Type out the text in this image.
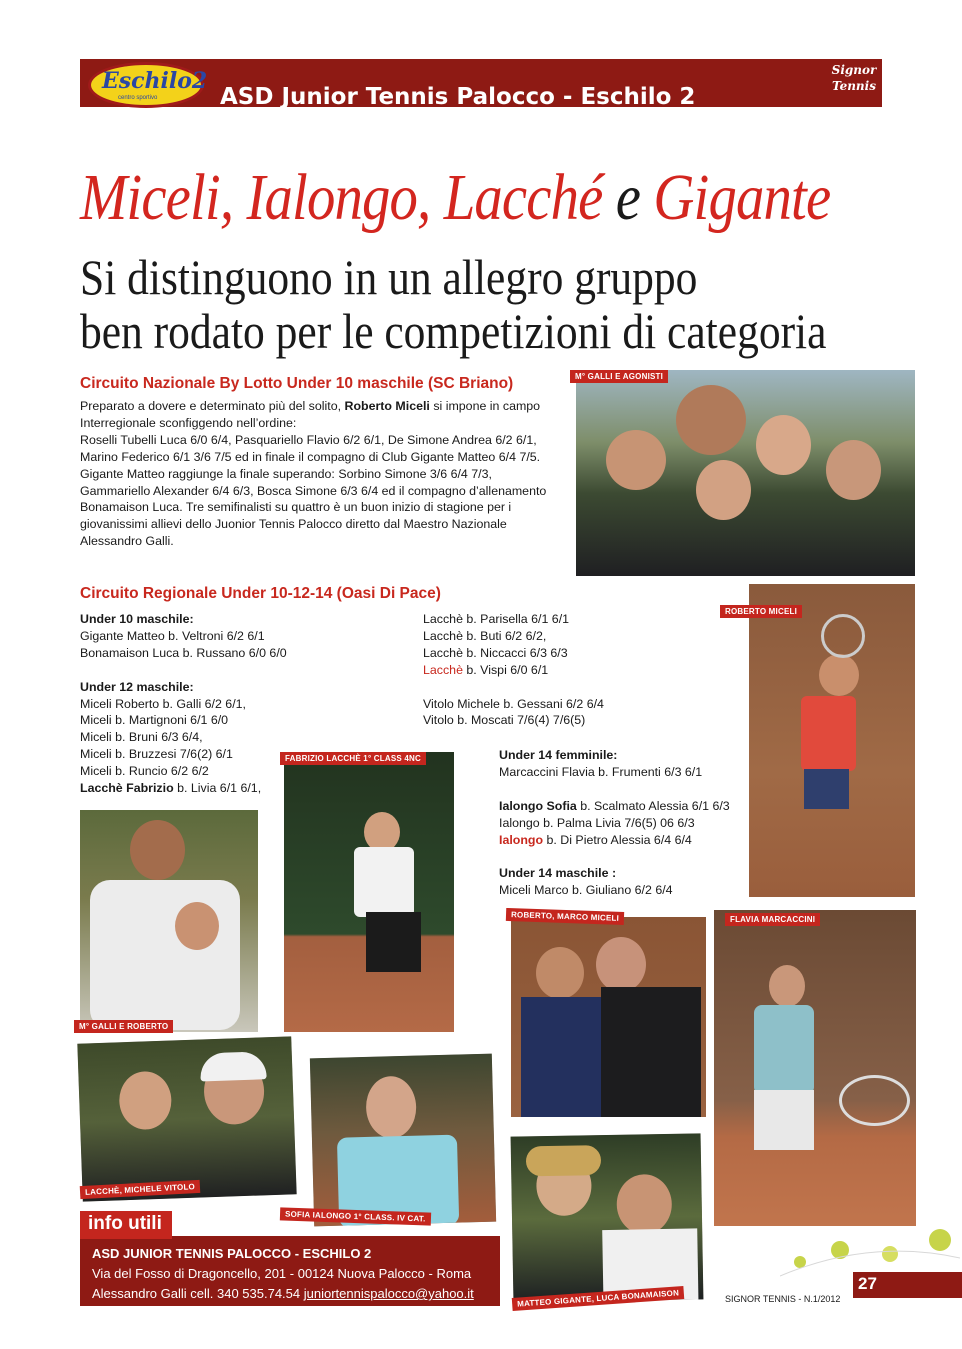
Eschilo2
centro sportivo	ASD Junior Tennis Palocco - Eschilo 2
Signor
Tennis
Miceli, Ialongo, Lacché e Gigante
Si distinguono in un allegro gruppo
ben rodato per le competizioni di categoria
Circuito Nazionale By Lotto Under 10 maschile (SC Briano)
Preparato a dovere e determinato più del solito, Roberto Miceli si impone in campo Interregionale sconfiggendo nell’ordine:
Roselli Tubelli Luca 6/0 6/4, Pasquariello Flavio 6/2 6/1, De Simone Andrea 6/2 6/1, Marino Federico 6/1 3/6 7/5 ed in finale il compagno di Club Gigante Matteo 6/4 7/5.
Gigante Matteo raggiunge la finale superando: Sorbino Simone 3/6 6/4 7/3, Gammariello Alexander 6/4 6/3, Bosca Simone 6/3 6/4 ed il compagno d’allenamento Bonamaison Luca. Tre semifinalisti su quattro è un buon inizio di stagione per i giovanissimi allievi dello Juonior Tennis Palocco diretto dal Maestro Nazionale Alessandro Galli.
Circuito Regionale Under 10-12-14 (Oasi Di Pace)
Under 10 maschile:
Gigante Matteo b. Veltroni 6/2 6/1
Bonamaison Luca b. Russano 6/0 6/0
Under 12 maschile:
Miceli Roberto b. Galli 6/2 6/1,
Miceli b. Martignoni 6/1 6/0
Miceli b. Bruni 6/3 6/4,
Miceli b. Bruzzesi 7/6(2) 6/1
Miceli b. Runcio 6/2 6/2
Lacchè Fabrizio b. Livia 6/1 6/1,
Lacchè b. Parisella 6/1 6/1
Lacchè b. Buti 6/2 6/2,
Lacchè b. Niccacci 6/3 6/3
Lacchè b. Vispi 6/0 6/1
Vitolo Michele b. Gessani 6/2 6/4
Vitolo b. Moscati 7/6(4) 7/6(5)
Under 14 femminile:
Marcaccini Flavia b. Frumenti 6/3 6/1
Ialongo Sofia b. Scalmato Alessia 6/1 6/3
Ialongo b. Palma Livia 7/6(5) 06 6/3
Ialongo b. Di Pietro Alessia 6/4 6/4
Under 14 maschile :
Miceli Marco b. Giuliano 6/2 6/4
M° GALLI E AGONISTI
ROBERTO MICELI
FABRIZIO LACCHÈ 1° CLASS 4NC
M° GALLI E ROBERTO
ROBERTO, MARCO MICELI	FLAVIA MARCACCINI
LACCHÈ, MICHELE VITOLO
SOFIA IALONGO 1° CLASS. IV CAT.
MATTEO GIGANTE, LUCA BONAMAISON
info utili
ASD JUNIOR TENNIS PALOCCO - ESCHILO 2
Via del Fosso di Dragoncello, 201 - 00124 Nuova Palocco - Roma
Alessandro Galli cell. 340 535.74.54 juniortennispalocco@yahoo.it
27
SIGNOR TENNIS - N.1/2012
